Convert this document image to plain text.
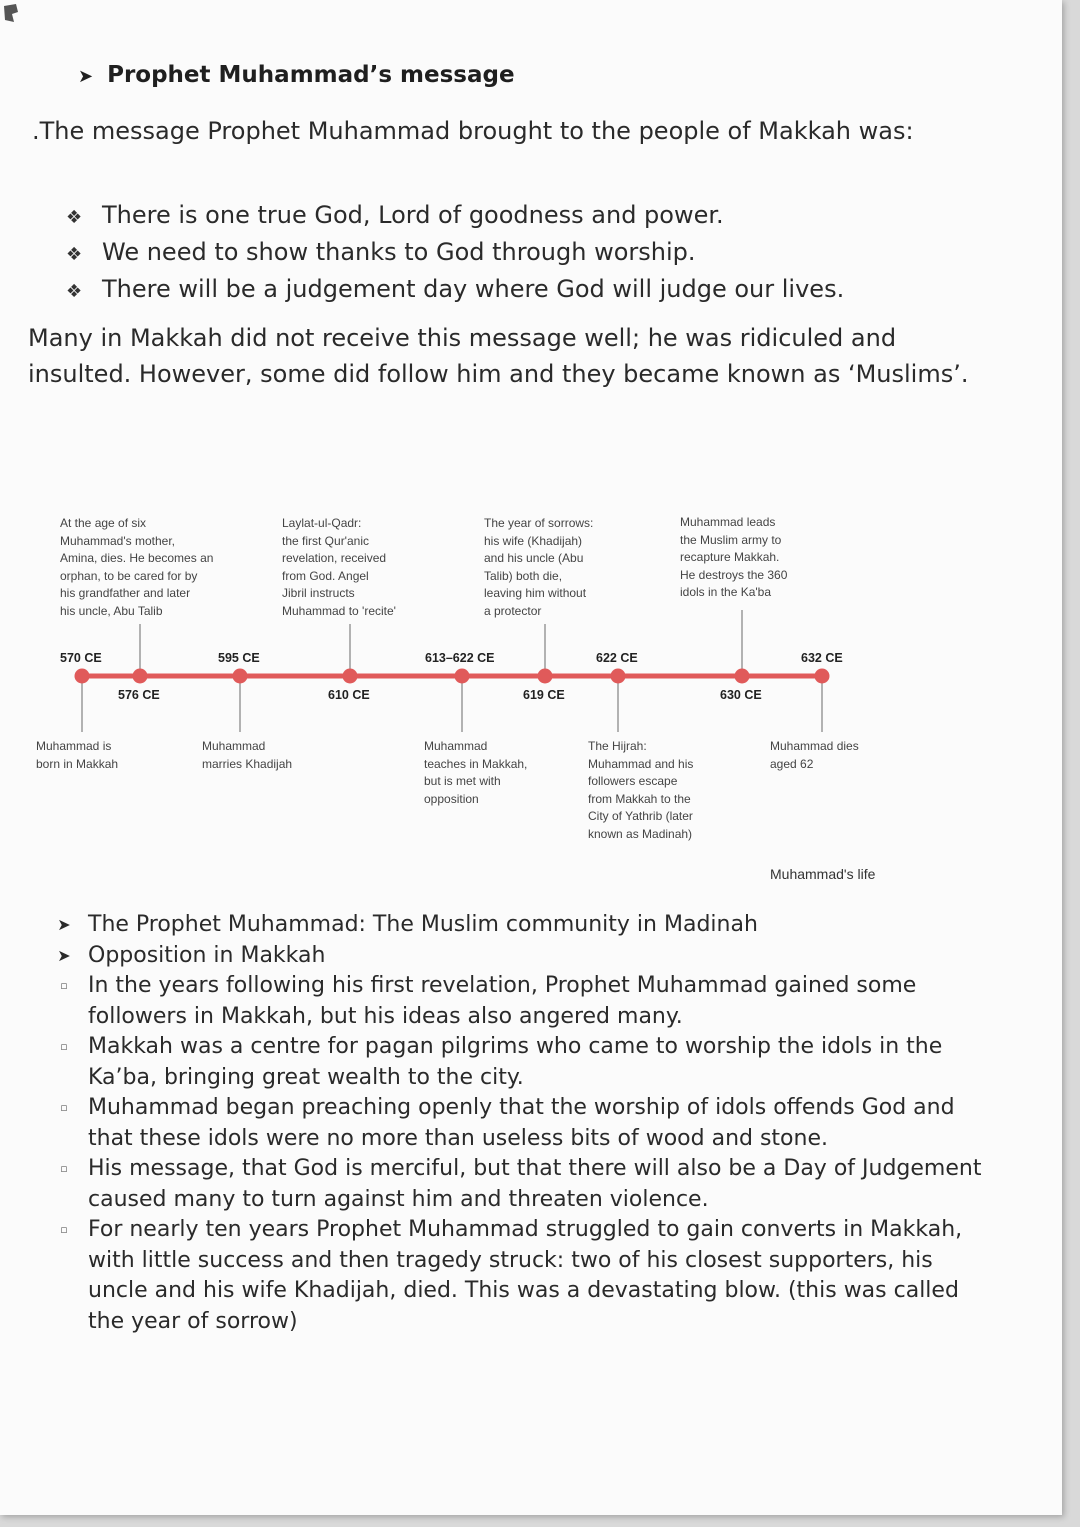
➤ Prophet Muhammad’s message
.The message Prophet Muhammad brought to the people of Makkah was:
❖ There is one true God, Lord of goodness and power.
❖ We need to show thanks to God through worship.
❖ There will be a judgement day where God will judge our lives.
Many in Makkah did not receive this message well; he was ridiculed and insulted. However, some did follow him and they became known as ‘Muslims’.
570 CE
576 CE
595 CE
610 CE
613–622 CE
619 CE
622 CE
630 CE
632 CE
At the age of six
Muhammad's mother,
Amina, dies. He becomes an
orphan, to be cared for by
his grandfather and later
his uncle, Abu Talib
Laylat-ul-Qadr:
the first Qur'anic
revelation, received
from God. Angel
Jibril instructs
Muhammad to 'recite'
The year of sorrows:
his wife (Khadijah)
and his uncle (Abu
Talib) both die,
leaving him without
a protector
Muhammad leads
the Muslim army to
recapture Makkah.
He destroys the 360
idols in the Ka'ba
Muhammad is
born in Makkah
Muhammad
marries Khadijah
Muhammad
teaches in Makkah,
but is met with
opposition
The Hijrah:
Muhammad and his
followers escape
from Makkah to the
City of Yathrib (later
known as Madinah)
Muhammad dies
aged 62
Muhammad's life
➤ The Prophet Muhammad: The Muslim community in Madinah
➤ Opposition in Makkah
▫ In the years following his first revelation, Prophet Muhammad gained some followers in Makkah, but his ideas also angered many.
▫ Makkah was a centre for pagan pilgrims who came to worship the idols in the Ka’ba, bringing great wealth to the city.
▫ Muhammad began preaching openly that the worship of idols offends God and that these idols were no more than useless bits of wood and stone.
▫ His message, that God is merciful, but that there will also be a Day of Judgement caused many to turn against him and threaten violence.
▫ For nearly ten years Prophet Muhammad struggled to gain converts in Makkah, with little success and then tragedy struck: two of his closest supporters, his uncle and his wife Khadijah, died. This was a devastating blow. (this was called the year of sorrow)
